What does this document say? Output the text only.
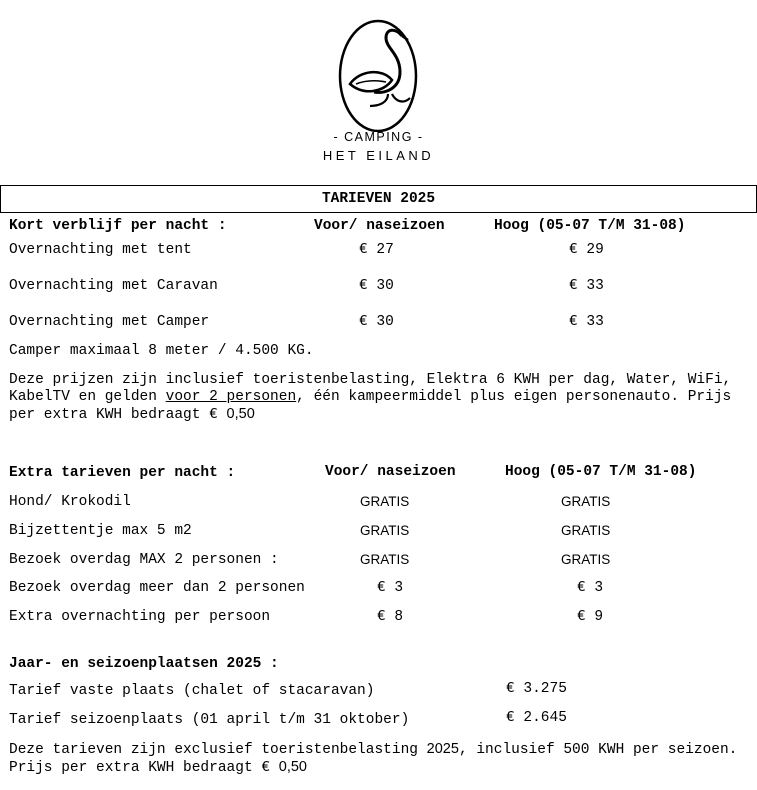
- CAMPING -
HET EILAND
TARIEVEN 2025
Kort verblijf per nacht :	Voor/ naseizoen	Hoog (05-07 T/M 31-08)
Overnachting met tent	€ 27	€ 29
Overnachting met Caravan	€ 30	€ 33
Overnachting met Camper	€ 30	€ 33
Camper maximaal 8 meter / 4.500 KG.
Deze prijzen zijn inclusief toeristenbelasting, Elektra 6 KWH per dag, Water, WiFi, KabelTV en gelden voor 2 personen, één kampeermiddel plus eigen personenauto. Prijs per extra KWH bedraagt € 0,50
Extra tarieven per nacht :	Voor/ naseizoen	Hoog (05-07 T/M 31-08)
Hond/ Krokodil	GRATIS	GRATIS
Bijzettentje max 5 m2	GRATIS	GRATIS
Bezoek overdag MAX 2 personen :	GRATIS	GRATIS
Bezoek overdag meer dan 2 personen	€ 3	€ 3
Extra overnachting per persoon	€ 8	€ 9
Jaar- en seizoenplaatsen 2025 :
Tarief vaste plaats (chalet of stacaravan)	€ 3.275
Tarief seizoenplaats (01 april t/m 31 oktober)	€ 2.645
Deze tarieven zijn exclusief toeristenbelasting 2025, inclusief 500 KWH per seizoen. Prijs per extra KWH bedraagt € 0,50
